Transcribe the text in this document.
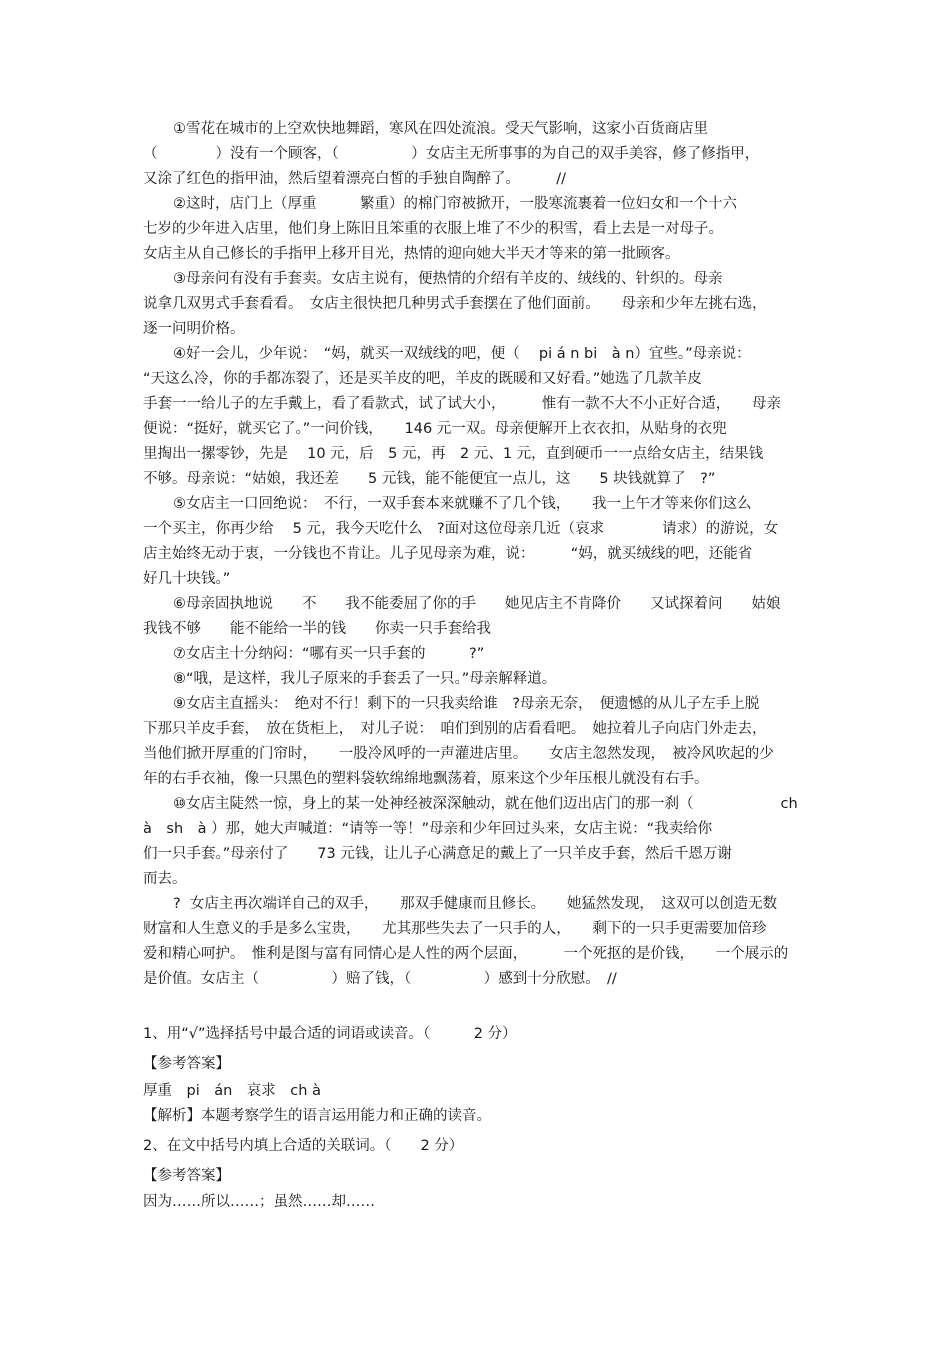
①雪花在城市的上空欢快地舞蹈，寒风在四处流浪。受天气影响，这家小百货商店里
（　　　　）没有一个顾客，（　　　　　）女店主无所事事的为自己的双手美容，修了修指甲，
又涂了红色的指甲油，然后望着漂亮白皙的手独自陶醉了。　　　//
②这时，店门上（厚重　　　繁重）的棉门帘被掀开，一股寒流裹着一位妇女和一个十六
七岁的少年进入店里，他们身上陈旧且笨重的衣服上堆了不少的积雪，看上去是一对母子。
女店主从自己修长的手指甲上移开目光，热情的迎向她大半天才等来的第一批顾客。
③母亲问有没有手套卖。女店主说有，便热情的介绍有羊皮的、绒线的、针织的。母亲
说拿几双男式手套看看。　女店主很快把几种男式手套摆在了他们面前。　　母亲和少年左挑右选，
逐一问明价格。
④好一会儿，少年说：　“妈，就买一双绒线的吧，便（　 pi á n bi　à n）宜些。”母亲说：
“天这么冷，你的手都冻裂了，还是买羊皮的吧，羊皮的既暖和又好看。”她选了几款羊皮
手套一一给儿子的左手戴上，看了看款式，试了试大小，　　　惟有一款不大不小正好合适，　　母亲
便说：“挺好，就买它了。”一问价钱，　　146 元一双。母亲便解开上衣衣扣，从贴身的衣兜
里掏出一摞零钞，先是　 10 元，后　5 元，再　2 元、1 元，直到硬币一一点给女店主，结果钱
不够。母亲说：“姑娘，我还差　　5 元钱，能不能便宜一点儿，这　　5 块钱就算了　?”
⑤女店主一口回绝说：　不行，一双手套本来就赚不了几个钱，　　我一上午才等来你们这么
一个买主，你再少给　 5 元，我今天吃什么　?面对这位母亲几近（哀求　　　　请求）的游说，女
店主始终无动于衷，一分钱也不肯让。儿子见母亲为难，说：　　　“妈，就买绒线的吧，还能省
好几十块钱。”
⑥母亲固执地说　　不　　我不能委屈了你的手　　她见店主不肯降价　　又试探着问　　姑娘
我钱不够　　能不能给一半的钱　　你卖一只手套给我
⑦女店主十分纳闷：“哪有买一只手套的　　　?”
⑧“哦，是这样，我儿子原来的手套丢了一只。”母亲解释道。
⑨女店主直摇头：　绝对不行！剩下的一只我卖给谁　?母亲无奈，　便遗憾的从儿子左手上脱
下那只羊皮手套，　放在货柜上，　对儿子说：　咱们到别的店看看吧。　她拉着儿子向店门外走去，
当他们掀开厚重的门帘时，　　一股冷风呼的一声灌进店里。　　女店主忽然发现，　被冷风吹起的少
年的右手衣袖，像一只黑色的塑料袋软绵绵地飘荡着，原来这个少年压根儿就没有右手。
⑩女店主陡然一惊，身上的某一处神经被深深触动，就在他们迈出店门的那一刹（　　　　　　ch
à　sh　à ）那，她大声喊道：“请等一等！”母亲和少年回过头来，女店主说：“我卖给你
们一只手套。”母亲付了　　73 元钱，让儿子心满意足的戴上了一只羊皮手套，然后千恩万谢
而去。
?  女店主再次端详自己的双手，　　那双手健康而且修长。　　她猛然发现，　这双可以创造无数
财富和人生意义的手是多么宝贵，　　尤其那些失去了一只手的人，　　剩下的一只手更需要加倍珍
爱和精心呵护。　惟利是图与富有同情心是人性的两个层面，　　　一个死抠的是价钱，　　一个展示的
是价值。女店主（　　　　　）赔了钱，（　　　　　）感到十分欣慰。　//
1、用“√”选择括号中最合适的词语或读音。（　　　2 分）
【参考答案】
厚重　pi　án　哀求　ch à
【解析】本题考察学生的语言运用能力和正确的读音。
2、在文中括号内填上合适的关联词。（　　2 分）
【参考答案】
因为……所以……；虽然……却……
